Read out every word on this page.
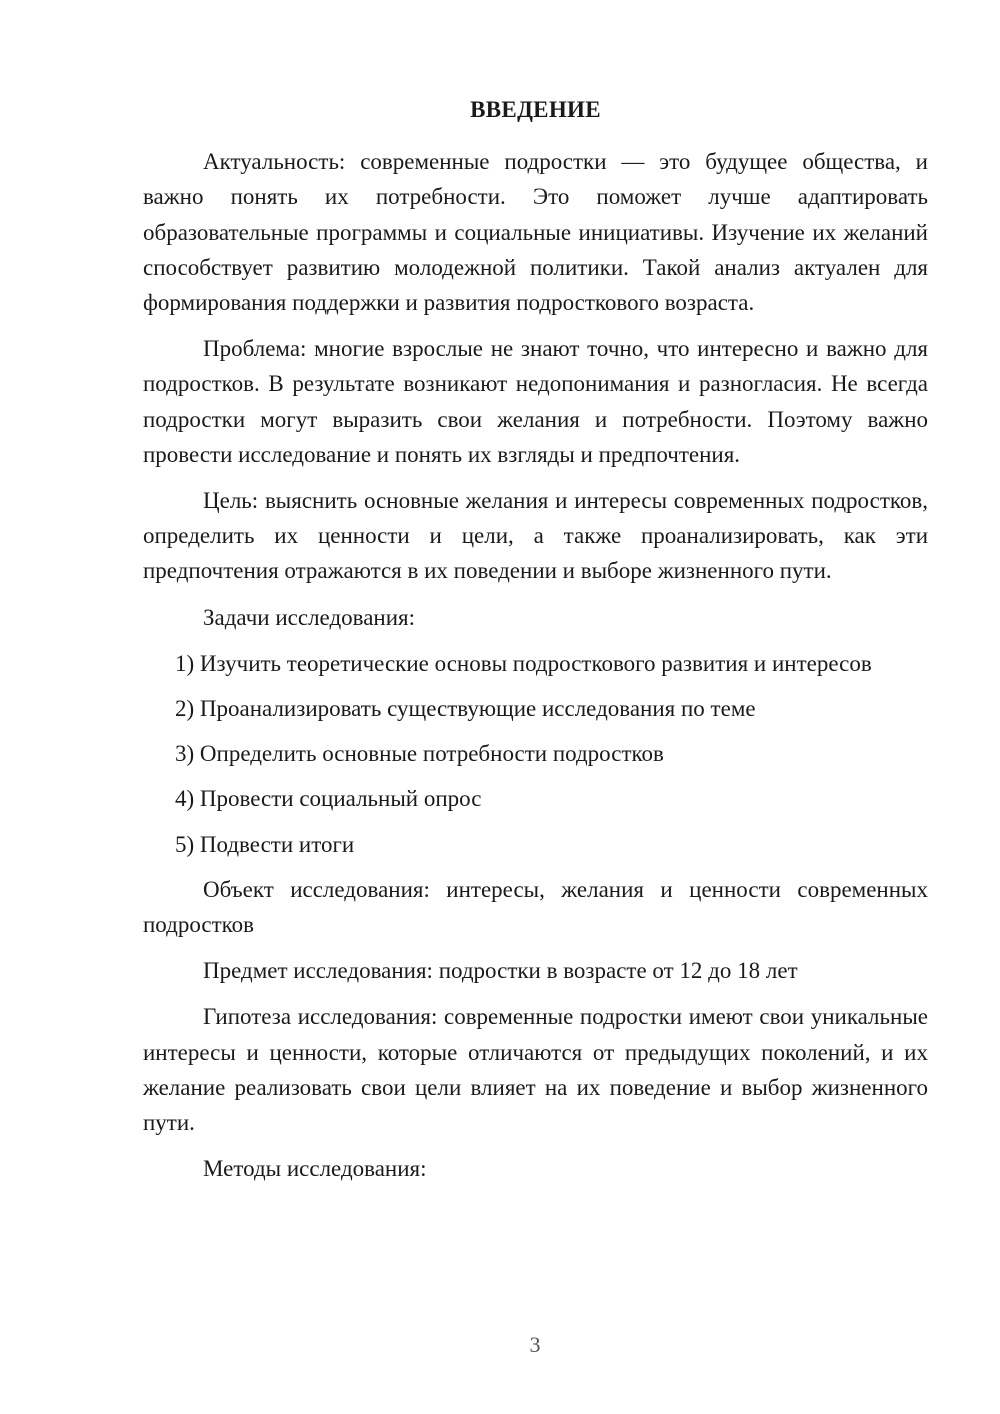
ВВЕДЕНИЕ

Актуальность: современные подростки — это будущее общества, и важно понять их потребности. Это поможет лучше адаптировать образовательные программы и социальные инициативы. Изучение их желаний способствует развитию молодежной политики. Такой анализ актуален для формирования поддержки и развития подросткового возраста.

Проблема: многие взрослые не знают точно, что интересно и важно для подростков. В результате возникают недопонимания и разногласия. Не всегда подростки могут выразить свои желания и потребности. Поэтому важно провести исследование и понять их взгляды и предпочтения.

Цель: выяснить основные желания и интересы современных подростков, определить их ценности и цели, а также проанализировать, как эти предпочтения отражаются в их поведении и выборе жизненного пути.

Задачи исследования:

1) Изучить теоретические основы подросткового развития и интересов
2) Проанализировать существующие исследования по теме
3) Определить основные потребности подростков
4) Провести социальный опрос
5) Подвести итоги

Объект исследования: интересы, желания и ценности современных подростков

Предмет исследования: подростки в возрасте от 12 до 18 лет

Гипотеза исследования: современные подростки имеют свои уникальные интересы и ценности, которые отличаются от предыдущих поколений, и их желание реализовать свои цели влияет на их поведение и выбор жизненного пути.

Методы исследования:

3
